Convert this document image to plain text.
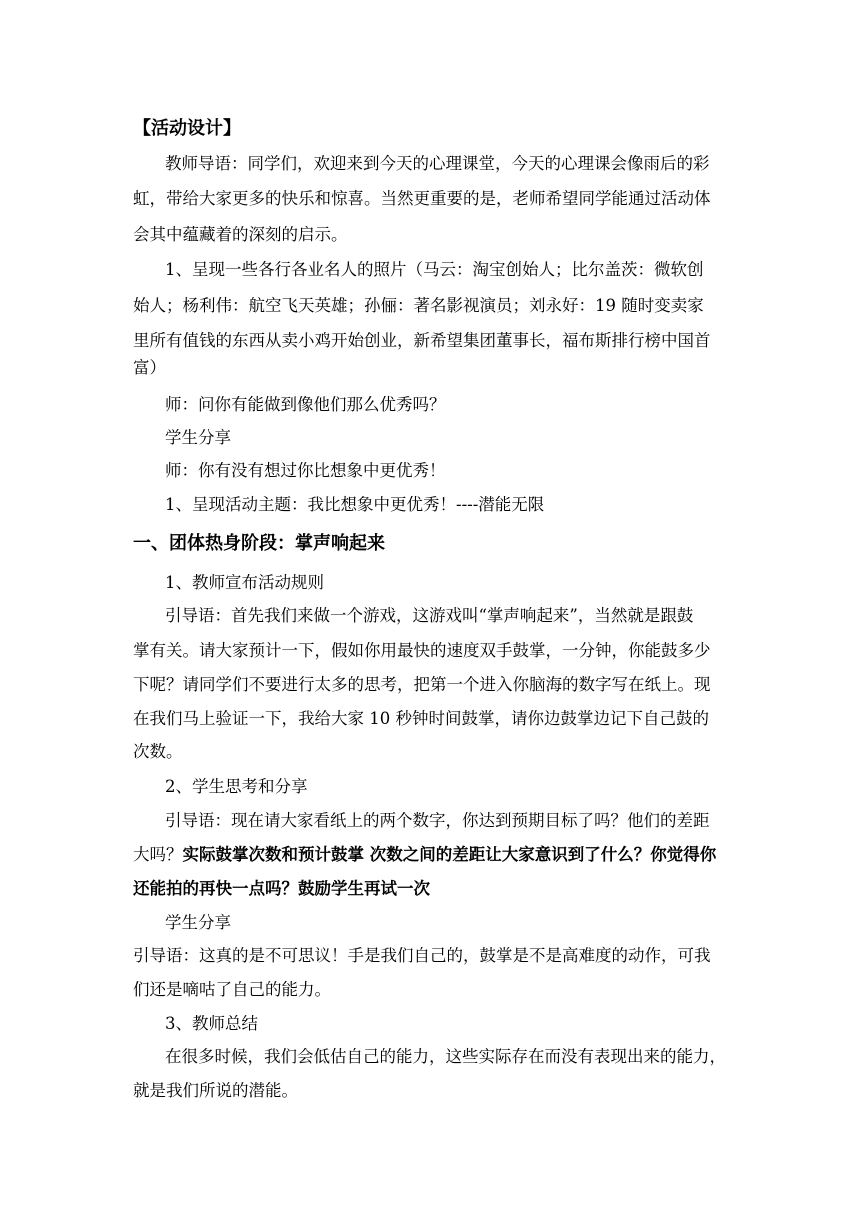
【活动设计】
教师导语：同学们，欢迎来到今天的心理课堂，今天的心理课会像雨后的彩
虹，带给大家更多的快乐和惊喜。当然更重要的是，老师希望同学能通过活动体
会其中蕴藏着的深刻的启示。
1、呈现一些各行各业名人的照片（马云：淘宝创始人；比尔盖茨：微软创
始人；杨利伟：航空飞天英雄；孙俪：著名影视演员；刘永好：19 随时变卖家
里所有值钱的东西从卖小鸡开始创业，新希望集团董事长，福布斯排行榜中国首
富）
师：问你有能做到像他们那么优秀吗？
学生分享
师：你有没有想过你比想象中更优秀！
1、呈现活动主题：我比想象中更优秀！----潜能无限
一、团体热身阶段：掌声响起来
1、教师宣布活动规则
引导语：首先我们来做一个游戏，这游戏叫“掌声响起来”，当然就是跟鼓
掌有关。请大家预计一下，假如你用最快的速度双手鼓掌，一分钟，你能鼓多少
下呢？请同学们不要进行太多的思考，把第一个进入你脑海的数字写在纸上。现
在我们马上验证一下，我给大家 10 秒钟时间鼓掌，请你边鼓掌边记下自己鼓的
次数。
2、学生思考和分享
引导语：现在请大家看纸上的两个数字，你达到预期目标了吗？他们的差距
大吗？实际鼓掌次数和预计鼓掌 次数之间的差距让大家意识到了什么？你觉得你
还能拍的再快一点吗？鼓励学生再试一次
学生分享
引导语：这真的是不可思议！手是我们自己的，鼓掌是不是高难度的动作，可我
们还是嘀咕了自己的能力。
3、教师总结
在很多时候，我们会低估自己的能力，这些实际存在而没有表现出来的能力，
就是我们所说的潜能。
